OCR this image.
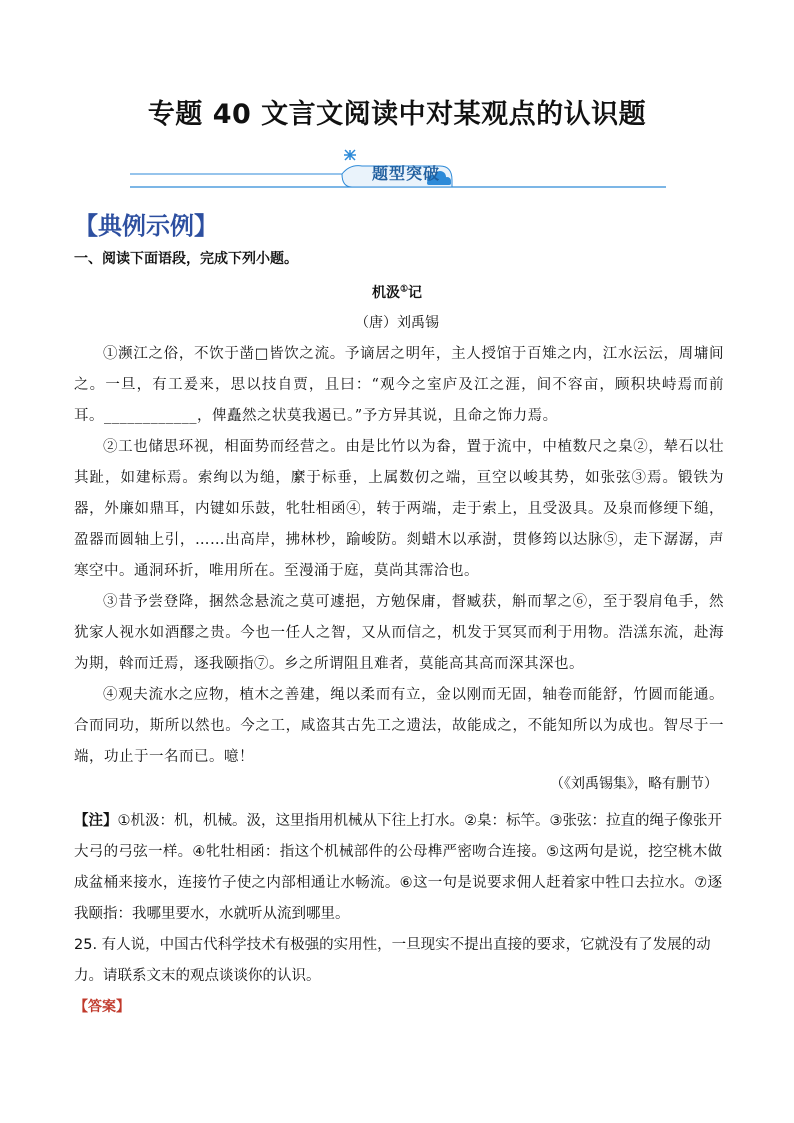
专题 40 文言文阅读中对某观点的认识题
题型突破
【典例示例】
一、阅读下面语段，完成下列小题。
机汲①记
（唐）刘禹锡

①濒江之俗，不饮于凿□皆饮之流。予谪居之明年，主人授馆于百雉之内，江水沄沄，周墉间之。一旦，有工爰来，思以技自贾，且曰：“观今之室庐及江之涯，间不容亩，顾积块峙焉而前耳。____________，俾矗然之状莫我遏已。”予方异其说，且命之饰力焉。

②工也储思环视，相面势而经营之。由是比竹以为畚，置于流中，中植数尺之臬②，辇石以壮其趾，如建标焉。索绚以为缒，縻于标垂，上属数仞之端，亘空以峻其势，如张弦③焉。锻铁为器，外廉如鼎耳，内键如乐鼓，牝牡相函④，转于两端，走于索上，且受汲具。及泉而修绠下缒，盈器而圆轴上引，……出高岸，拂林杪，踰峻防。剡蜡木以承澍，贯修筠以达脉⑤，走下潺潺，声寒空中。通洞环折，唯用所在。至漫涌于庭，莫尚其霈洽也。

③昔予尝登降，捆然念悬流之莫可遽挹，方勉保庸，督臧获，斛而挈之⑥，至于裂肩龟手，然犹家人视水如酒醪之贵。今也一任人之智，又从而信之，机发于冥冥而利于用物。浩溔东流，赴海为期，斡而迁焉，逐我颐指⑦。乡之所谓阻且难者，莫能高其高而深其深也。

④观夫流水之应物，植木之善建，绳以柔而有立，金以刚而无固，轴卷而能舒，竹圆而能通。合而同功，斯所以然也。今之工，咸盗其古先工之遗法，故能成之，不能知所以为成也。智尽于一端，功止于一名而已。噫！

（《刘禹锡集》，略有删节）
【注】①机汲：机，机械。汲，这里指用机械从下往上打水。②臬：标竿。③张弦：拉直的绳子像张开大弓的弓弦一样。④牝牡相函：指这个机械部件的公母榫严密吻合连接。⑤这两句是说，挖空桃木做成盆桶来接水，连接竹子使之内部相通让水畅流。⑥这一句是说要求佣人赶着家中牲口去拉水。⑦逐我颐指：我哪里要水，水就听从流到哪里。
25. 有人说，中国古代科学技术有极强的实用性，一旦现实不提出直接的要求，它就没有了发展的动力。请联系文末的观点谈谈你的认识。
【答案】
